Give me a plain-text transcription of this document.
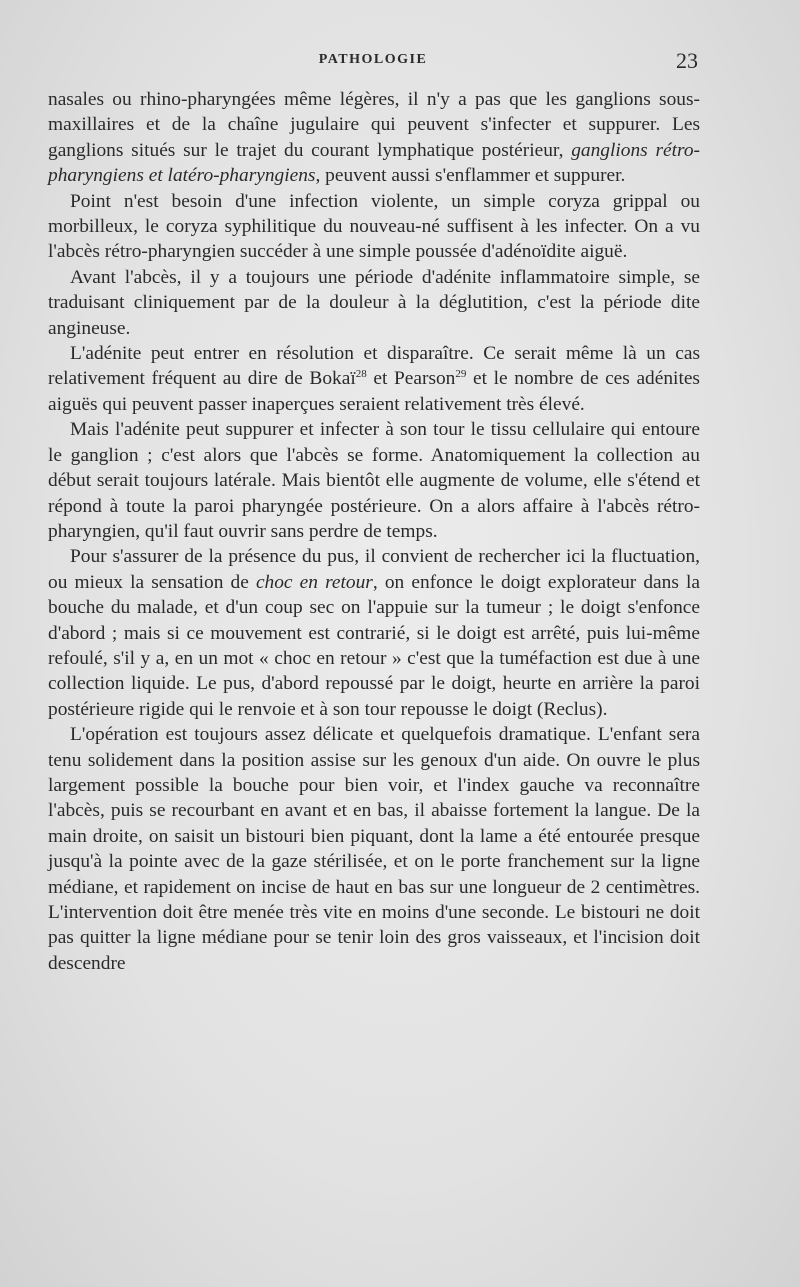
PATHOLOGIE	23

nasales ou rhino-pharyngées même légères, il n'y a pas que les ganglions sous-maxillaires et de la chaîne jugulaire qui peuvent s'infecter et suppurer. Les ganglions situés sur le trajet du courant lymphatique postérieur, ganglions rétro-pharyngiens et latéro-pharyngiens, peuvent aussi s'enflammer et suppurer.

Point n'est besoin d'une infection violente, un simple coryza grippal ou morbilleux, le coryza syphilitique du nouveau-né suffisent à les infecter. On a vu l'abcès rétro-pharyngien succéder à une simple poussée d'adénoïdite aiguë.

Avant l'abcès, il y a toujours une période d'adénite inflammatoire simple, se traduisant cliniquement par de la douleur à la déglutition, c'est la période dite angineuse.

L'adénite peut entrer en résolution et disparaître. Ce serait même là un cas relativement fréquent au dire de Bokaï$^{28}$ et Pearson$^{29}$ et le nombre de ces adénites aiguës qui peuvent passer inaperçues seraient relativement très élevé.

Mais l'adénite peut suppurer et infecter à son tour le tissu cellulaire qui entoure le ganglion ; c'est alors que l'abcès se forme. Anatomiquement la collection au début serait toujours latérale. Mais bientôt elle augmente de volume, elle s'étend et répond à toute la paroi pharyngée postérieure. On a alors affaire à l'abcès rétro-pharyngien, qu'il faut ouvrir sans perdre de temps.

Pour s'assurer de la présence du pus, il convient de rechercher ici la fluctuation, ou mieux la sensation de choc en retour, on enfonce le doigt explorateur dans la bouche du malade, et d'un coup sec on l'appuie sur la tumeur ; le doigt s'enfonce d'abord ; mais si ce mouvement est contrarié, si le doigt est arrêté, puis lui-même refoulé, s'il y a, en un mot « choc en retour » c'est que la tuméfaction est due à une collection liquide. Le pus, d'abord repoussé par le doigt, heurte en arrière la paroi postérieure rigide qui le renvoie et à son tour repousse le doigt (Reclus).

L'opération est toujours assez délicate et quelquefois dramatique. L'enfant sera tenu solidement dans la position assise sur les genoux d'un aide. On ouvre le plus largement possible la bouche pour bien voir, et l'index gauche va reconnaître l'abcès, puis se recourbant en avant et en bas, il abaisse fortement la langue. De la main droite, on saisit un bistouri bien piquant, dont la lame a été entourée presque jusqu'à la pointe avec de la gaze stérilisée, et on le porte franchement sur la ligne médiane, et rapidement on incise de haut en bas sur une longueur de 2 centimètres. L'intervention doit être menée très vite en moins d'une seconde. Le bistouri ne doit pas quitter la ligne médiane pour se tenir loin des gros vaisseaux, et l'incision doit descendre
